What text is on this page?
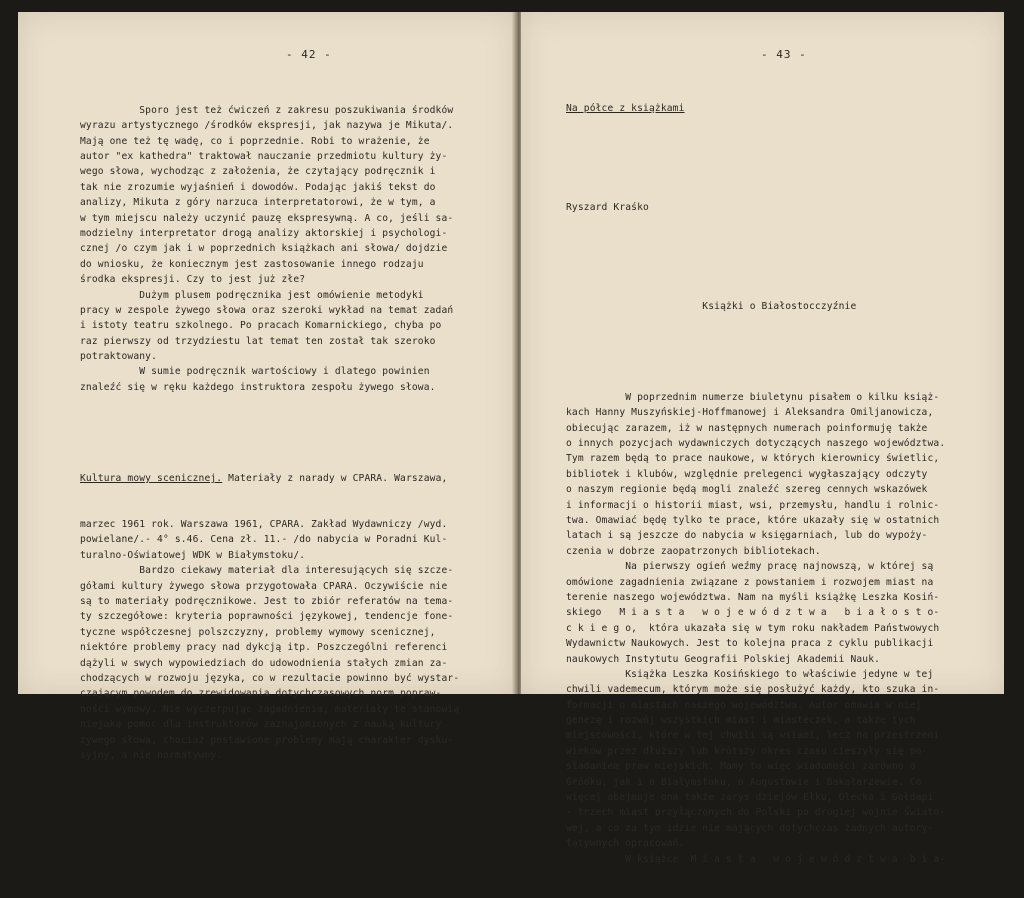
- 42 -

Sporo jest też ćwiczeń z zakresu poszukiwania środków
wyrazu artystycznego /środków ekspresji, jak nazywa je Mikuta/.
Mają one też tę wadę, co i poprzednie. Robi to wrażenie, że
autor "ex kathedra" traktował nauczanie przedmiotu kultury ży-
wego słowa, wychodząc z założenia, że czytający podręcznik i
tak nie zrozumie wyjaśnień i dowodów. Podając jakiś tekst do
analizy, Mikuta z góry narzuca interpretatorowi, że w tym, a
w tym miejscu należy uczynić pauzę ekspresywną. A co, jeśli sa-
modzielny interpretator drogą analizy aktorskiej i psychologi-
cznej /o czym jak i w poprzednich książkach ani słowa/ dojdzie
do wniosku, że koniecznym jest zastosowanie innego rodzaju
środka ekspresji. Czy to jest już złe?
Dużym plusem podręcznika jest omówienie metodyki
pracy w zespole żywego słowa oraz szeroki wykład na temat zadań
i istoty teatru szkolnego. Po pracach Komarnickiego, chyba po
raz pierwszy od trzydziestu lat temat ten został tak szeroko
potraktowany.
W sumie podręcznik wartościowy i dlatego powinien
znaleźć się w ręku każdego instruktora zespołu żywego słowa.

Kultura mowy scenicznej. Materiały z narady w CPARA. Warszawa,

marzec 1961 rok. Warszawa 1961, CPARA. Zakład Wydawniczy /wyd.
powielane/.- 4° s.46. Cena zł. 11.- /do nabycia w Poradni Kul-
turalno-Oświatowej WDK w Białymstoku/.
Bardzo ciekawy materiał dla interesujących się szcze-
gółami kultury żywego słowa przygotowała CPARA. Oczywiście nie
są to materiały podręcznikowe. Jest to zbiór referatów na tema-
ty szczegółowe: kryteria poprawności językowej, tendencje fone-
tyczne współczesnej polszczyzny, problemy wymowy scenicznej,
niektóre problemy pracy nad dykcją itp. Poszczególni referenci
dążyli w swych wypowiedziach do udowodnienia stałych zmian za-
chodzących w rozwoju języka, co w rezultacie powinno być wystar-
czającym powodem do zrewidowania dotychczasowych norm popraw-
ności wymowy. Nie wyczerpując zagadnienia, materiały te stanowią
niejaką pomoc dla instruktorów zaznajomionych z nauką kultury
żywego słowa, chociaż postawione problemy mają charakter dysku-
syjny, a nie normatywny.

- 43 -

Na półce z książkami

Ryszard Kraśko

Książki o Białostocczyźnie

W poprzednim numerze biuletynu pisałem o kilku książ-
kach Hanny Muszyńskiej-Hoffmanowej i Aleksandra Omiljanowicza,
obiecując zarazem, iż w następnych numerach poinformuję także
o innych pozycjach wydawniczych dotyczących naszego województwa.
Tym razem będą to prace naukowe, w których kierownicy świetlic,
bibliotek i klubów, względnie prelegenci wygłaszający odczyty
o naszym regionie będą mogli znaleźć szereg cennych wskazówek
i informacji o historii miast, wsi, przemysłu, handlu i rolnic-
twa. Omawiać będę tylko te prace, które ukazały się w ostatnich
latach i są jeszcze do nabycia w księgarniach, lub do wypoży-
czenia w dobrze zaopatrzonych bibliotekach.
Na pierwszy ogień weźmy pracę najnowszą, w której są
omówione zagadnienia związane z powstaniem i rozwojem miast na
terenie naszego województwa. Nam na myśli książkę Leszka Kosiń-
skiego   M i a s t a   w o j e w ó d z t w a   b i a ł o s t o-
c k i e g o,  która ukazała się w tym roku nakładem Państwowych
Wydawnictw Naukowych. Jest to kolejna praca z cyklu publikacji
naukowych Instytutu Geografii Polskiej Akademii Nauk.
Książka Leszka Kosińskiego to właściwie jedyne w tej
chwili vademecum, którym może się posłużyć każdy, kto szuka in-
formacji o miastach naszego województwa. Autor omawia w niej
genezę i rozwój wszystkich miast i miasteczek, a także tych
miejscowości, które w tej chwili są wsiami, lecz na przestrzeni
wieków przez dłuższy lub krótszy okres czasu cieszyły się po-
siadaniem praw miejskich. Mamy tu więc wiadomości zarówno o
Gródku, jak i o Białymstoku, o Augustowie i Bakałarzewie. Co
więcej obejmuje ona także zarys dziejów Ełku, Olecka i Gołdapi
- trzech miast przyłączonych do Polski po drugiej wojnie świato-
wej, a co za tym idzie nie mających dotychczas żadnych autory-
tatywnych opracowań.
W książce  M i a s t a   w o j e w ó d z t w a  b i a-
